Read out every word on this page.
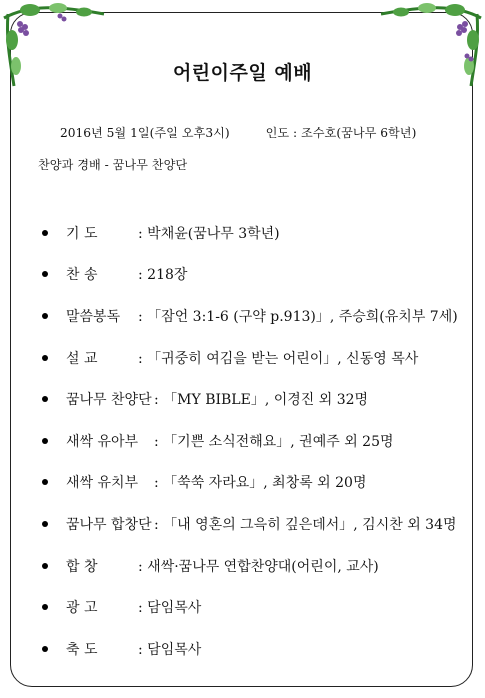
어린이주일 예배
2016년 5월 1일(주일 오후3시)	인도 : 조수호(꿈나무 6학년)
찬양과 경배 - 꿈나무 찬양단
기 도	: 박채윤(꿈나무 3학년)
찬 송	: 218장
말씀봉독 : 「잠언 3:1-6 (구약 p.913)」, 주승희(유치부 7세)
설 교	: 「귀중히 여김을 받는 어린이」, 신동영 목사
꿈나무 찬양단 : 「MY BIBLE」, 이경진 외 32명
새싹 유아부 : 「기쁜 소식전해요」, 권예주 외 25명
새싹 유치부 : 「쑥쑥 자라요」, 최창록 외 20명
꿈나무 합창단 : 「내 영혼의 그윽히 깊은데서」, 김시찬 외 34명
합 창	: 새싹·꿈나무 연합찬양대(어린이, 교사)
광 고	: 담임목사
축 도	: 담임목사
